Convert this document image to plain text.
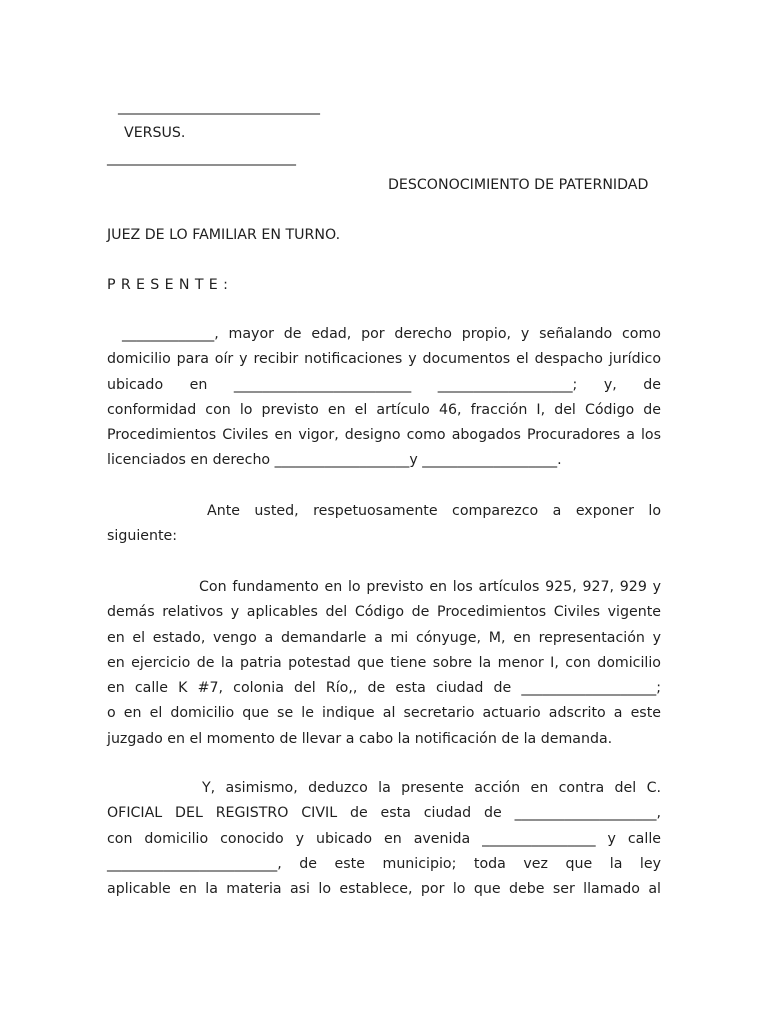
_______________________________
VERSUS.
_____________________________
DESCONOCIMIENTO DE PATERNIDAD
JUEZ DE LO FAMILIAR EN TURNO.
P R E S E N T E :
_____________, mayor de edad, por derecho propio, y señalando como
domicilio para oír y recibir notificaciones y documentos el despacho jurídico
ubicado en _________________________ ___________________; y, de
conformidad con lo previsto en el artículo 46, fracción I, del Código de
Procedimientos Civiles en vigor, designo como abogados Procuradores a los
licenciados en derecho ___________________y ___________________.
Ante usted, respetuosamente comparezco a exponer lo
siguiente:
Con fundamento en lo previsto en los artículos 925, 927, 929 y
demás relativos y aplicables del Código de Procedimientos Civiles vigente
en el estado, vengo a demandarle a mi cónyuge, M, en representación y
en ejercicio de la patria potestad que tiene sobre la menor I, con domicilio
en calle K #7, colonia del Río,, de esta ciudad de ___________________;
o en el domicilio que se le indique al secretario actuario adscrito a este
juzgado en el momento de llevar a cabo la notificación de la demanda.
Y, asimismo, deduzco la presente acción en contra del C.
OFICIAL DEL REGISTRO CIVIL de esta ciudad de ____________________,
con domicilio conocido y ubicado en avenida ________________ y calle
________________________, de este municipio; toda vez que la ley
aplicable en la materia asi lo establece, por lo que debe ser llamado al
